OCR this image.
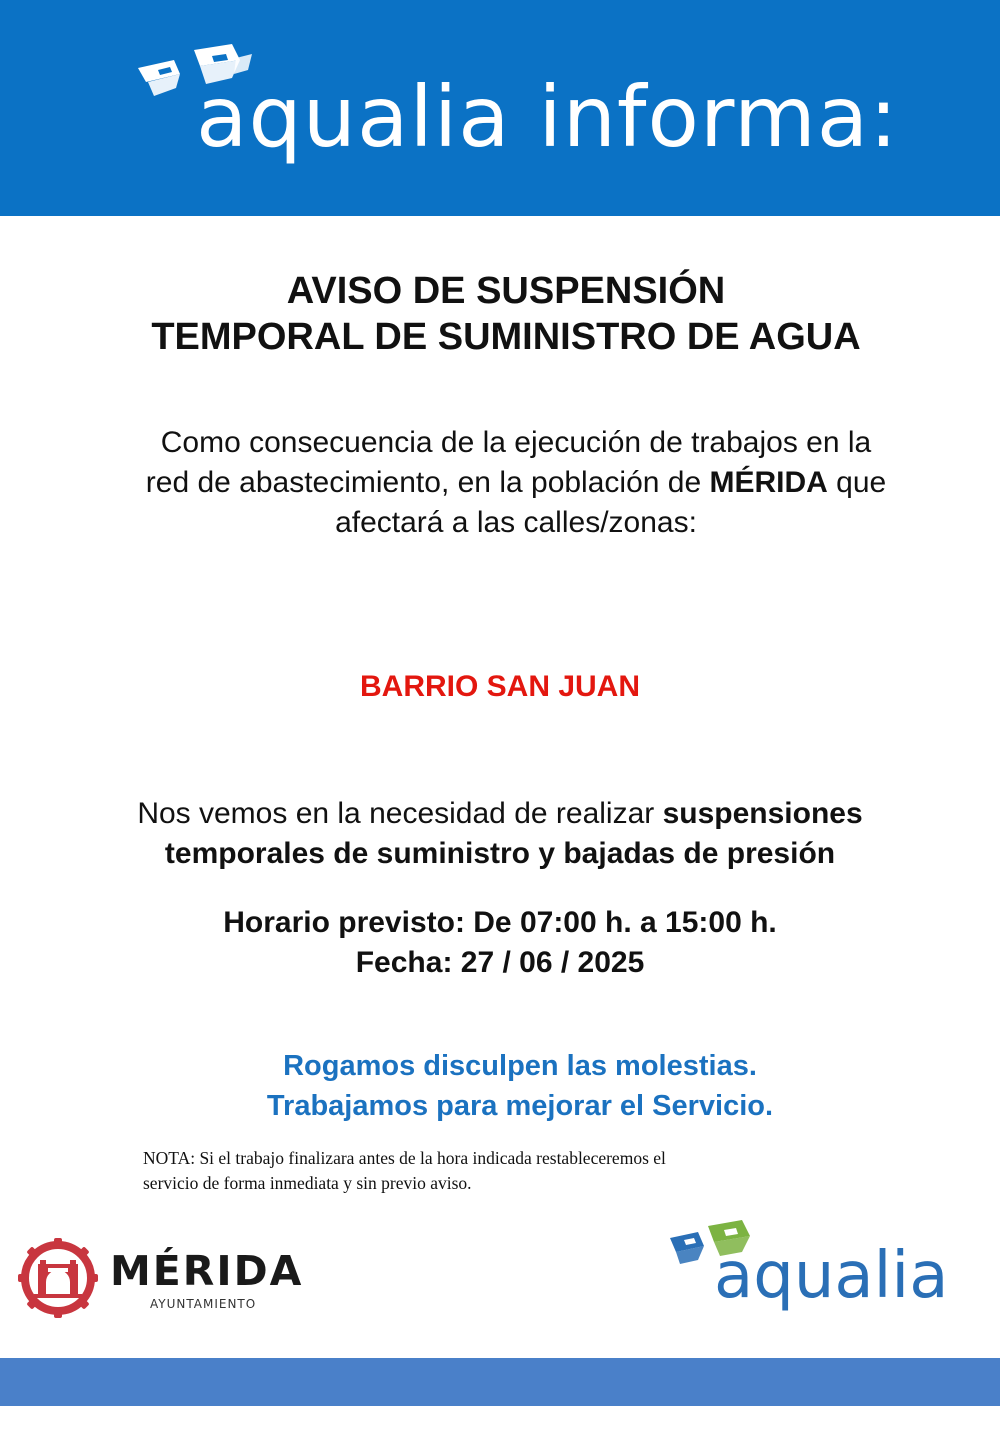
aqualia informa:
AVISO DE SUSPENSIÓN
TEMPORAL DE SUMINISTRO DE AGUA

Como consecuencia de la ejecución de trabajos en la
red de abastecimiento, en la población de MÉRIDA que
afectará a las calles/zonas:

BARRIO SAN JUAN

Nos vemos en la necesidad de realizar suspensiones
temporales de suministro y bajadas de presión

Horario previsto: De 07:00 h. a 15:00 h.
Fecha: 27 / 06 / 2025

Rogamos disculpen las molestias.
Trabajamos para mejorar el Servicio.

NOTA: Si el trabajo finalizara antes de la hora indicada restableceremos el
servicio de forma inmediata y sin previo aviso.

MÉRIDA
AYUNTAMIENTO	aqualia
